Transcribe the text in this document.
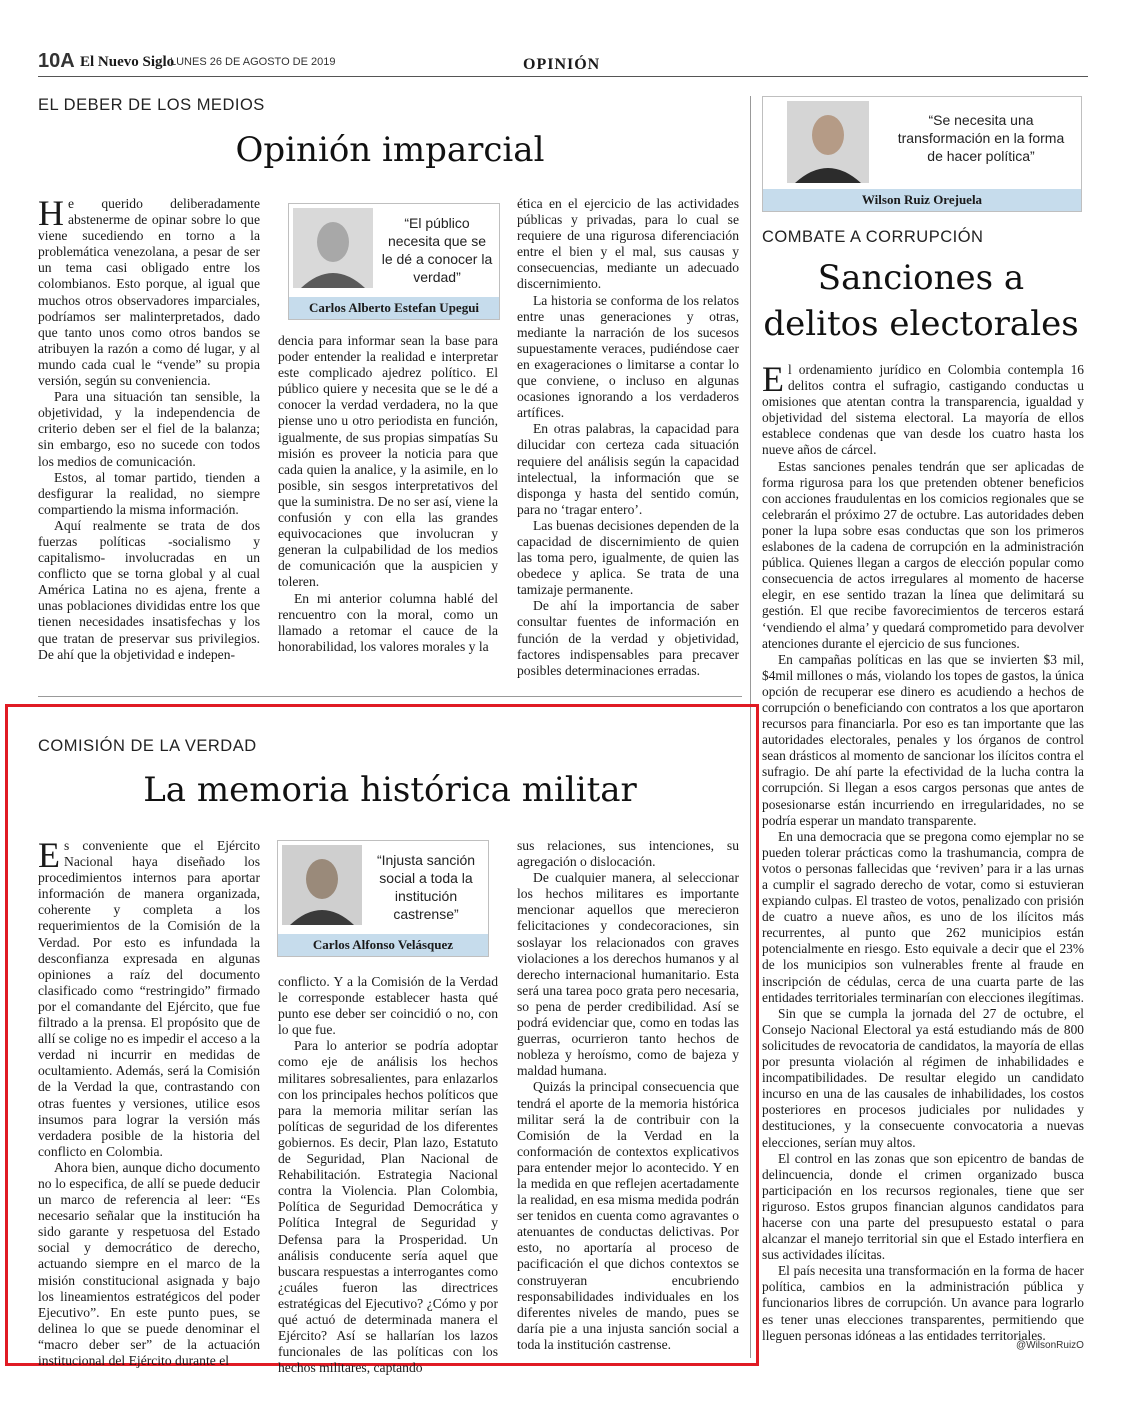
10A El Nuevo Siglo
LUNES 26 DE AGOSTO DE 2019	OPINIÓN
EL DEBER DE LOS MEDIOS
Opinión imparcial

He querido deliberadamente abstenerme de opinar sobre lo que viene sucediendo en torno a la problemática venezolana, a pesar de ser un tema casi obligado entre los colombianos. Esto porque, al igual que muchos otros observadores imparciales, podríamos ser malinterpretados, dado que tanto unos como otros bandos se atribuyen la razón a como dé lugar, y al mundo cada cual le “vende” su propia versión, según su conveniencia.

Para una situación tan sensible, la objetividad, y la independencia de criterio deben ser el fiel de la balanza; sin embargo, eso no sucede con todos los medios de comunicación.

Estos, al tomar partido, tienden a desfigurar la realidad, no siempre compartiendo la misma información.

Aquí realmente se trata de dos fuerzas políticas -socialismo y capitalismo- involucradas en un conflicto que se torna global y al cual América Latina no es ajena, frente a unas poblaciones divididas entre los que tienen necesidades insatisfechas y los que tratan de preservar sus privilegios. De ahí que la objetividad e indepen-

“El público necesita que se le dé a conocer la verdad”
Carlos Alberto Estefan Upegui

dencia para informar sean la base para poder entender la realidad e interpretar este complicado ajedrez político. El público quiere y necesita que se le dé a conocer la verdad verdadera, no la que piense uno u otro periodista en función, igualmente, de sus propias simpatías Su misión es proveer la noticia para que cada quien la analice, y la asimile, en lo posible, sin sesgos interpretativos del que la suministra. De no ser así, viene la confusión y con ella las grandes equivocaciones que involucran y generan la culpabilidad de los medios de comunicación que la auspicien y toleren.

En mi anterior columna hablé del rencuentro con la moral, como un llamado a retomar el cauce de la honorabilidad, los valores morales y la

ética en el ejercicio de las actividades públicas y privadas, para lo cual se requiere de una rigurosa diferenciación entre el bien y el mal, sus causas y consecuencias, mediante un adecuado discernimiento.

La historia se conforma de los relatos entre unas generaciones y otras, mediante la narración de los sucesos supuestamente veraces, pudiéndose caer en exageraciones o limitarse a contar lo que conviene, o incluso en algunas ocasiones ignorando a los verdaderos artífices.

En otras palabras, la capacidad para dilucidar con certeza cada situación requiere del análisis según la capacidad intelectual, la información que se disponga y hasta del sentido común, para no ‘tragar entero’.

Las buenas decisiones dependen de la capacidad de discernimiento de quien las toma pero, igualmente, de quien las obedece y aplica. Se trata de una tamizaje permanente.

De ahí la importancia de saber consultar fuentes de información en función de la verdad y objetividad, factores indispensables para precaver posibles determinaciones erradas.

COMISIÓN DE LA VERDAD
La memoria histórica militar

Es conveniente que el Ejército Nacional haya diseñado los procedimientos internos para aportar información de manera organizada, coherente y completa a los requerimientos de la Comisión de la Verdad. Por esto es infundada la desconfianza expresada en algunas opiniones a raíz del documento clasificado como “restringido” firmado por el comandante del Ejército, que fue filtrado a la prensa. El propósito que de allí se colige no es impedir el acceso a la verdad ni incurrir en medidas de ocultamiento. Además, será la Comisión de la Verdad la que, contrastando con otras fuentes y versiones, utilice esos insumos para lograr la versión más verdadera posible de la historia del conflicto en Colombia.

Ahora bien, aunque dicho documento no lo especifica, de allí se puede deducir un marco de referencia al leer: “Es necesario señalar que la institución ha sido garante y respetuosa del Estado social y democrático de derecho, actuando siempre en el marco de la misión constitucional asignada y bajo los lineamientos estratégicos del poder Ejecutivo”. En este punto pues, se delinea lo que se puede denominar el “macro deber ser” de la actuación institucional del Ejército durante el

“Injusta sanción social a toda la institución castrense”
Carlos Alfonso Velásquez

conflicto. Y a la Comisión de la Verdad le corresponde establecer hasta qué punto ese deber ser coincidió o no, con lo que fue.

Para lo anterior se podría adoptar como eje de análisis los hechos militares sobresalientes, para enlazarlos con los principales hechos políticos que para la memoria militar serían las políticas de seguridad de los diferentes gobiernos. Es decir, Plan lazo, Estatuto de Seguridad, Plan Nacional de Rehabilitación. Estrategia Nacional contra la Violencia. Plan Colombia, Política de Seguridad Democrática y Política Integral de Seguridad y Defensa para la Prosperidad. Un análisis conducente sería aquel que buscara respuestas a interrogantes como ¿cuáles fueron las directrices estratégicas del Ejecutivo? ¿Cómo y por qué actuó de determinada manera el Ejército? Así se hallarían los lazos funcionales de las políticas con los hechos militares, captando

sus relaciones, sus intenciones, su agregación o dislocación.

De cualquier manera, al seleccionar los hechos militares es importante mencionar aquellos que merecieron felicitaciones y condecoraciones, sin soslayar los relacionados con graves violaciones a los derechos humanos y al derecho internacional humanitario. Esta será una tarea poco grata pero necesaria, so pena de perder credibilidad. Así se podrá evidenciar que, como en todas las guerras, ocurrieron tanto hechos de nobleza y heroísmo, como de bajeza y maldad humana.

Quizás la principal consecuencia que tendrá el aporte de la memoria histórica militar será la de contribuir con la Comisión de la Verdad en la conformación de contextos explicativos para entender mejor lo acontecido. Y en la medida en que reflejen acertadamente la realidad, en esa misma medida podrán ser tenidos en cuenta como agravantes o atenuantes de conductas delictivas. Por esto, no aportaría al proceso de pacificación el que dichos contextos se construyeran encubriendo responsabilidades individuales en los diferentes niveles de mando, pues se daría pie a una injusta sanción social a toda la institución castrense.

“Se necesita una transformación en la forma de hacer política”
Wilson Ruiz Orejuela
COMBATE A CORRUPCIÓN
Sanciones a
delitos electorales

El ordenamiento jurídico en Colombia contempla 16 delitos contra el sufragio, castigando conductas u omisiones que atentan contra la transparencia, igualdad y objetividad del sistema electoral. La mayoría de ellos establece condenas que van desde los cuatro hasta los nueve años de cárcel.

Estas sanciones penales tendrán que ser aplicadas de forma rigurosa para los que pretenden obtener beneficios con acciones fraudulentas en los comicios regionales que se celebrarán el próximo 27 de octubre. Las autoridades deben poner la lupa sobre esas conductas que son los primeros eslabones de la cadena de corrupción en la administración pública. Quienes llegan a cargos de elección popular como consecuencia de actos irregulares al momento de hacerse elegir, en ese sentido trazan la línea que delimitará su gestión. El que recibe favorecimientos de terceros estará ‘vendiendo el alma’ y quedará comprometido para devolver atenciones durante el ejercicio de sus funciones.

En campañas políticas en las que se invierten $3 mil, $4mil millones o más, violando los topes de gastos, la única opción de recuperar ese dinero es acudiendo a hechos de corrupción o beneficiando con contratos a los que aportaron recursos para financiarla. Por eso es tan importante que las autoridades electorales, penales y los órganos de control sean drásticos al momento de sancionar los ilícitos contra el sufragio. De ahí parte la efectividad de la lucha contra la corrupción. Si llegan a esos cargos personas que antes de posesionarse están incurriendo en irregularidades, no se podría esperar un mandato transparente.

En una democracia que se pregona como ejemplar no se pueden tolerar prácticas como la trashumancia, compra de votos o personas fallecidas que ‘reviven’ para ir a las urnas a cumplir el sagrado derecho de votar, como si estuvieran expiando culpas. El trasteo de votos, penalizado con prisión de cuatro a nueve años, es uno de los ilícitos más recurrentes, al punto que 262 municipios están potencialmente en riesgo. Esto equivale a decir que el 23% de los municipios son vulnerables frente al fraude en inscripción de cédulas, cerca de una cuarta parte de las entidades territoriales terminarían con elecciones ilegítimas.

Sin que se cumpla la jornada del 27 de octubre, el Consejo Nacional Electoral ya está estudiando más de 800 solicitudes de revocatoria de candidatos, la mayoría de ellas por presunta violación al régimen de inhabilidades e incompatibilidades. De resultar elegido un candidato incurso en una de las causales de inhabilidades, los costos posteriores en procesos judiciales por nulidades y destituciones, y la consecuente convocatoria a nuevas elecciones, serían muy altos.

El control en las zonas que son epicentro de bandas de delincuencia, donde el crimen organizado busca participación en los recursos regionales, tiene que ser riguroso. Estos grupos financian algunos candidatos para hacerse con una parte del presupuesto estatal o para alcanzar el manejo territorial sin que el Estado interfiera en sus actividades ilícitas.

El país necesita una transformación en la forma de hacer política, cambios en la administración pública y funcionarios libres de corrupción. Un avance para lograrlo es tener unas elecciones transparentes, permitiendo que lleguen personas idóneas a las entidades territoriales.

@WilsonRuizO
